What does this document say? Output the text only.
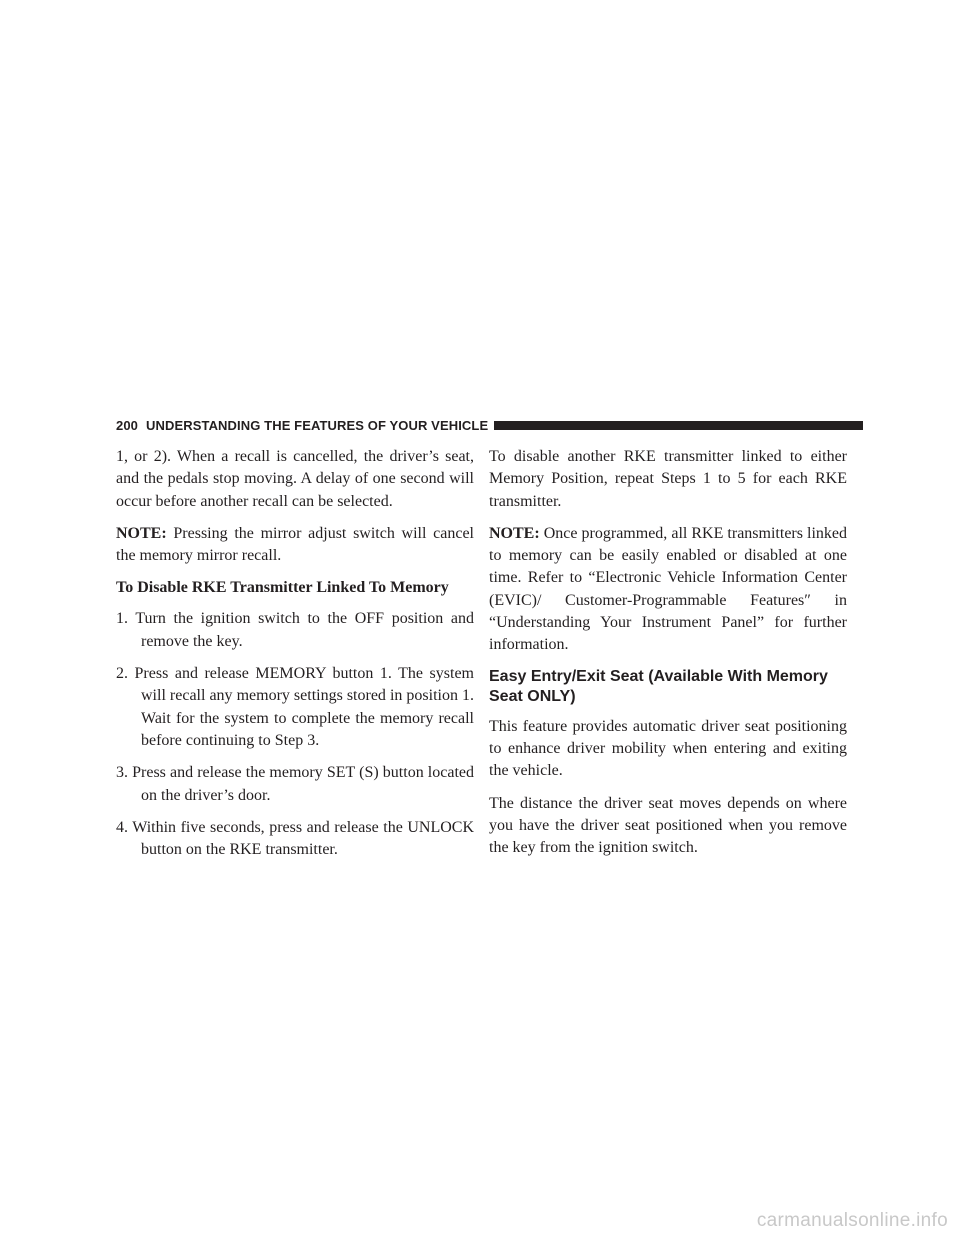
200 UNDERSTANDING THE FEATURES OF YOUR VEHICLE

1, or 2). When a recall is cancelled, the driver’s seat, and the pedals stop moving. A delay of one second will occur before another recall can be selected.

NOTE: Pressing the mirror adjust switch will cancel the memory mirror recall.

To Disable RKE Transmitter Linked To Memory
1. Turn the ignition switch to the OFF position and remove the key.
2. Press and release MEMORY button 1. The system will recall any memory settings stored in position 1. Wait for the system to complete the memory recall before continuing to Step 3.
3. Press and release the memory SET (S) button located on the driver’s door.
4. Within five seconds, press and release the UNLOCK button on the RKE transmitter.

To disable another RKE transmitter linked to either Memory Position, repeat Steps 1 to 5 for each RKE transmitter.

NOTE: Once programmed, all RKE transmitters linked to memory can be easily enabled or disabled at one time. Refer to “Electronic Vehicle Information Center (EVIC)/ Customer-Programmable Features″ in “Understanding Your Instrument Panel” for further information.

Easy Entry/Exit Seat (Available With Memory Seat ONLY)

This feature provides automatic driver seat positioning to enhance driver mobility when entering and exiting the vehicle.

The distance the driver seat moves depends on where you have the driver seat positioned when you remove the key from the ignition switch.

carmanualsonline.info
